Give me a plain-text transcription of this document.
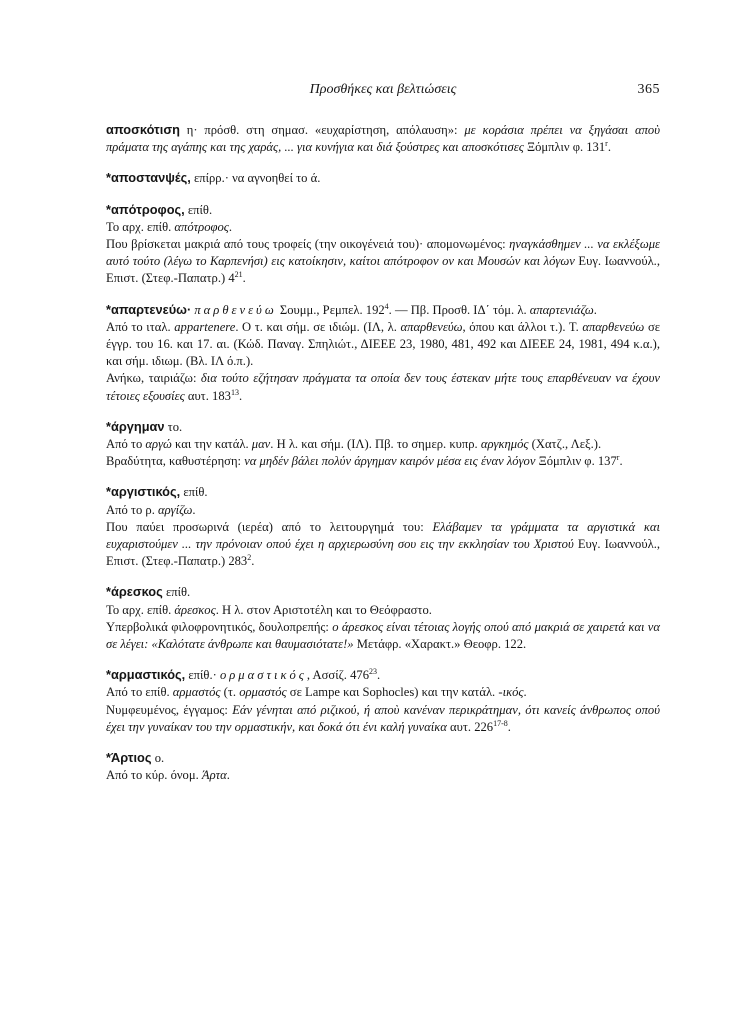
Προσθήκες και βελτιώσεις	365

αποσκότιση η· πρόσθ. στη σημασ. «ευχαρίστηση, απόλαυση»: με κοράσια πρέπει να ξηγάσαι αποὺ πράματα της αγάπης και της χαράς, ... για κυνήγια και διά ξούστρες και αποσκότισες Ξόμπλιν φ. 131$^r$.

*αποστανψές, επίρρ.· να αγνοηθεί το ά.

*απότροφος, επίθ.

Το αρχ. επίθ. απότροφος.

Που βρίσκεται μακριά από τους τροφείς (την οικογένειά του)· απομονωμένος: ηναγκάσθημεν ... να εκλέξωμε αυτό τούτο (λέγω το Καρπενήσι) εις κατοίκησιν, καίτοι απότροφον ον και Μουσών και λόγων Ευγ. Ιωαννούλ., Επιστ. (Στεφ.-Παπατρ.) $4^{21}$.

*απαρτενεύω· παρθενεύω Σουμμ., Ρεμπελ. $192^4$. — Πβ. Προσθ. ΙΔ΄ τόμ. λ. απαρτενιάζω.

Από το ιταλ. appartenere. Ο τ. και σήμ. σε ιδιώμ. (ΙΛ, λ. απαρθενεύω, όπου και άλλοι τ.). Τ. απαρθενεύω σε έγγρ. του 16. και 17. αι. (Κώδ. Παναγ. Σπηλιώτ., ΔΙΕΕΕ 23, 1980, 481, 492 και ΔΙΕΕΕ 24, 1981, 494 κ.α.), και σήμ. ιδιωμ. (Βλ. ΙΛ ό.π.).

Ανήκω, ταιριάζω: δια τούτο εζήτησαν πράγματα τα οποία δεν τους έστεκαν μήτε τους επαρθένευαν να έχουν τέτοιες εξουσίες αυτ. $183^{13}$.

*άργημαν το.

Από το αργώ και την κατάλ. μαν. Η λ. και σήμ. (ΙΛ). Πβ. το σημερ. κυπρ. αργκημός (Χατζ., Λεξ.).

Βραδύτητα, καθυστέρηση: να μηδέν βάλει πολύν άργημαν καιρόν μέσα εις έναν λόγον Ξόμπλιν φ. 137$^r$.

*αργιστικός, επίθ.

Από το ρ. αργίζω.

Που παύει προσωρινά (ιερέα) από το λειτουργημά του: Ελάβαμεν τα γράμματα τα αργιστικά και ευχαριστούμεν ... την πρόνοιαν οπού έχει η αρχιερωσύνη σου εις την εκκλησίαν του Χριστού Ευγ. Ιωαννούλ., Επιστ. (Στεφ.-Παπατρ.) $283^2$.

*άρεσκος επίθ.

Το αρχ. επίθ. άρεσκος. Η λ. στον Αριστοτέλη και το Θεόφραστο.

Υπερβολικά φιλοφρονητικός, δουλοπρεπής: ο άρεσκος είναι τέτοιας λογής οπού από μακριά σε χαιρετά και να σε λέγει: «Καλότατε άνθρωπε και θαυμασιότατε!» Μετάφρ. «Χαρακτ.» Θεοφρ. 122.

*αρμαστικός, επίθ.· ορμαστικός, Ασσίζ. $476^{23}$.

Από το επίθ. αρμαστός (τ. ορμαστός σε Lampe και Sophocles) και την κατάλ. -ικός.

Νυμφευμένος, έγγαμος: Εάν γένηται από ριζικού, ή αποὺ κανέναν περικράτημαν, ότι κανείς άνθρωπος οπού έχει την γυναίκαν του την ορμαστικήν, και δοκά ότι ένι καλή γυναίκα αυτ. 226$^{17-8}$.

*Άρτιος ο.

Από το κύρ. όνομ. Άρτα.
